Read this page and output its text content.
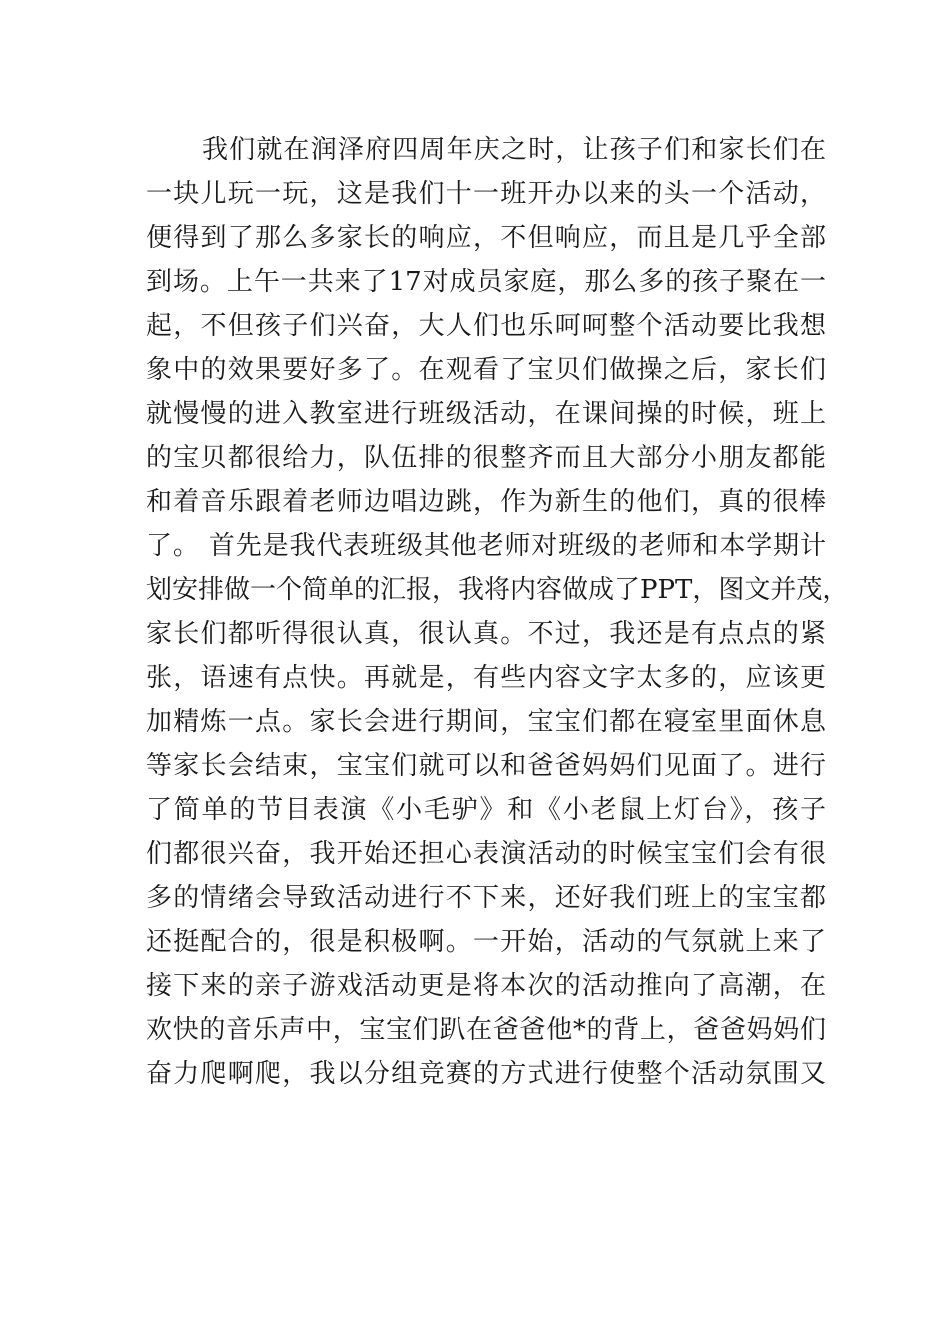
我们就在润泽府四周年庆之时，让孩子们和家长们在
一块儿玩一玩，这是我们十一班开办以来的头一个活动，
便得到了那么多家长的响应，不但响应，而且是几乎全部
到场。上午一共来了17对成员家庭，那么多的孩子聚在一
起，不但孩子们兴奋，大人们也乐呵呵整个活动要比我想
象中的效果要好多了。在观看了宝贝们做操之后，家长们
就慢慢的进入教室进行班级活动，在课间操的时候，班上
的宝贝都很给力，队伍排的很整齐而且大部分小朋友都能
和着音乐跟着老师边唱边跳，作为新生的他们，真的很棒
了。 首先是我代表班级其他老师对班级的老师和本学期计
划安排做一个简单的汇报，我将内容做成了PPT，图文并茂，
家长们都听得很认真，很认真。不过，我还是有点点的紧
张，语速有点快。再就是，有些内容文字太多的，应该更
加精炼一点。家长会进行期间，宝宝们都在寝室里面休息
等家长会结束，宝宝们就可以和爸爸妈妈们见面了。进行
了简单的节目表演《小毛驴》和《小老鼠上灯台》，孩子
们都很兴奋，我开始还担心表演活动的时候宝宝们会有很
多的情绪会导致活动进行不下来，还好我们班上的宝宝都
还挺配合的，很是积极啊。一开始，活动的气氛就上来了
接下来的亲子游戏活动更是将本次的活动推向了高潮，在
欢快的音乐声中，宝宝们趴在爸爸他*的背上，爸爸妈妈们
奋力爬啊爬，我以分组竞赛的方式进行使整个活动氛围又
